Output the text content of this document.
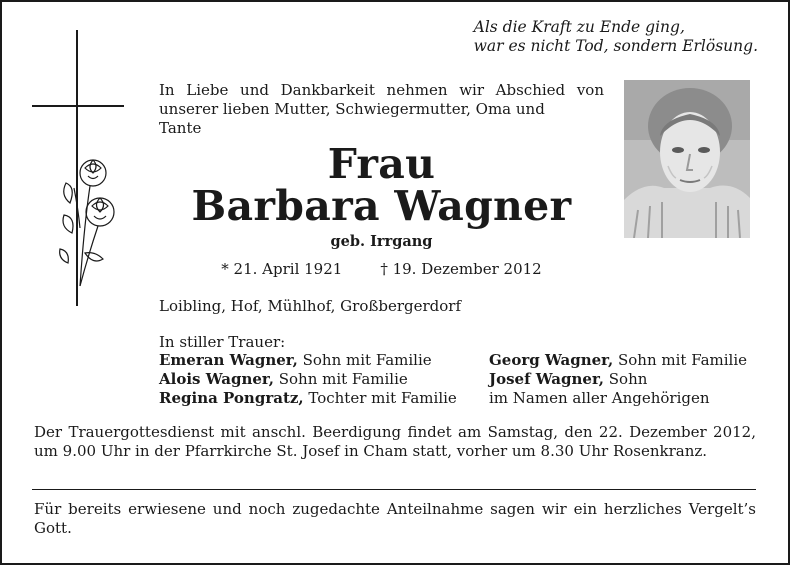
Als die Kraft zu Ende ging,
war es nicht Tod, sondern Erlösung.
In Liebe und Dankbarkeit nehmen wir Abschied von unserer lieben Mutter, Schwiegermutter, Oma und
Tante
Frau
Barbara Wagner
geb. Irrgang
* 21. April 1921	† 19. Dezember 2012
Loibling, Hof, Mühlhof, Großbergerdorf
In stiller Trauer:
Emeran Wagner, Sohn mit Familie
Alois Wagner, Sohn mit Familie
Regina Pongratz, Tochter mit Familie
Georg Wagner, Sohn mit Familie
Josef Wagner, Sohn
im Namen aller Angehörigen
Der Trauergottesdienst mit anschl. Beerdigung findet am Samstag, den 22. Dezember 2012, um 9.00 Uhr in der Pfarrkirche St. Josef in Cham statt, vorher um 8.30 Uhr Rosenkranz.
Für bereits erwiesene und noch zugedachte Anteilnahme sagen wir ein herzliches Vergelt’s Gott.
